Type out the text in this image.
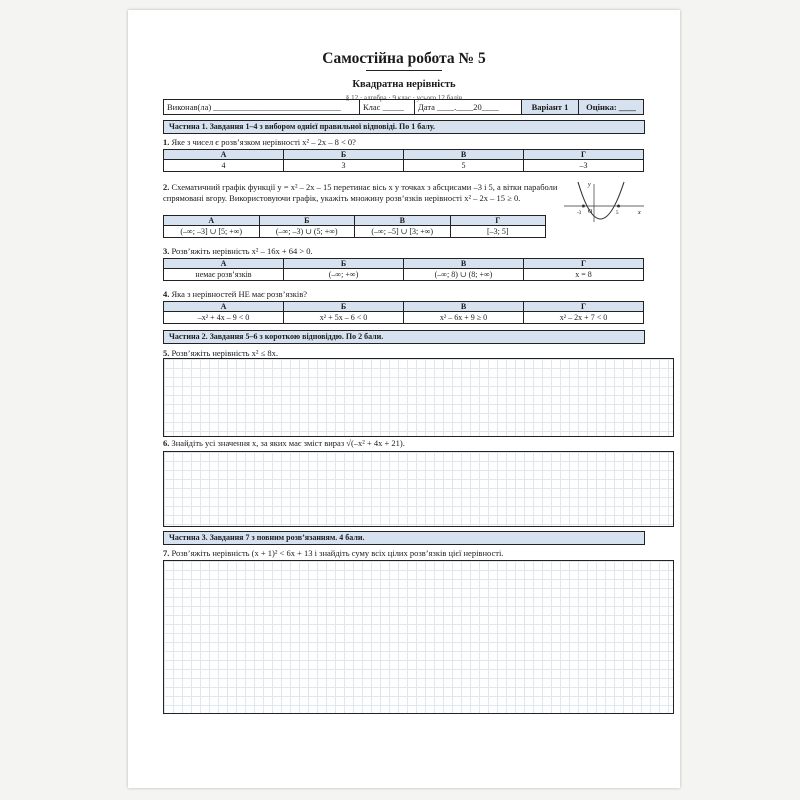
Самостійна робота № 5
Квадратна нерівність
§ 12 · алгебра · 9 клас · усього 12 балів
Виконав(ла) ______________________________	Клас _____	Дата ____.____20____	Варіант 1	Оцінка: ____
Частина 1. Завдання 1–4 з вибором однієї правильної відповіді. По 1 балу.
1. Яке з чисел є розв’язком нерівності x² – 2x – 8 < 0?
А	Б	В	Г
4	3	5	–3
2. Схематичний графік функції y = x² – 2x – 15 перетинає вісь x у точках з абсцисами –3 і 5, а вітки параболи спрямовані вгору. Використовуючи графік, укажіть множину розв’язків нерівності x² – 2x – 15 ≥ 0.
y
x
O
-3	5
А	Б	В	Г
(–∞; –3] ∪ [5; +∞)	(–∞; –3) ∪ (5; +∞)	(–∞; –5] ∪ [3; +∞)	[–3; 5]
3. Розв’яжіть нерівність x² – 16x + 64 > 0.
А	Б	В	Г
немає розв’язків	(–∞; +∞)	(–∞; 8) ∪ (8; +∞)	x = 8
4. Яка з нерівностей НЕ має розв’язків?
А	Б	В	Г
–x² + 4x – 9 < 0	x² + 5x – 6 < 0	x² – 6x + 9 ≥ 0	x² – 2x + 7 < 0
Частина 2. Завдання 5–6 з короткою відповіддю. По 2 бали.
5. Розв’яжіть нерівність x² ≤ 8x.
6. Знайдіть усі значення x, за яких має зміст вираз √(–x² + 4x + 21).
Частина 3. Завдання 7 з повним розв’язанням. 4 бали.
7. Розв’яжіть нерівність (x + 1)² < 6x + 13 і знайдіть суму всіх цілих розв’язків цієї нерівності.
